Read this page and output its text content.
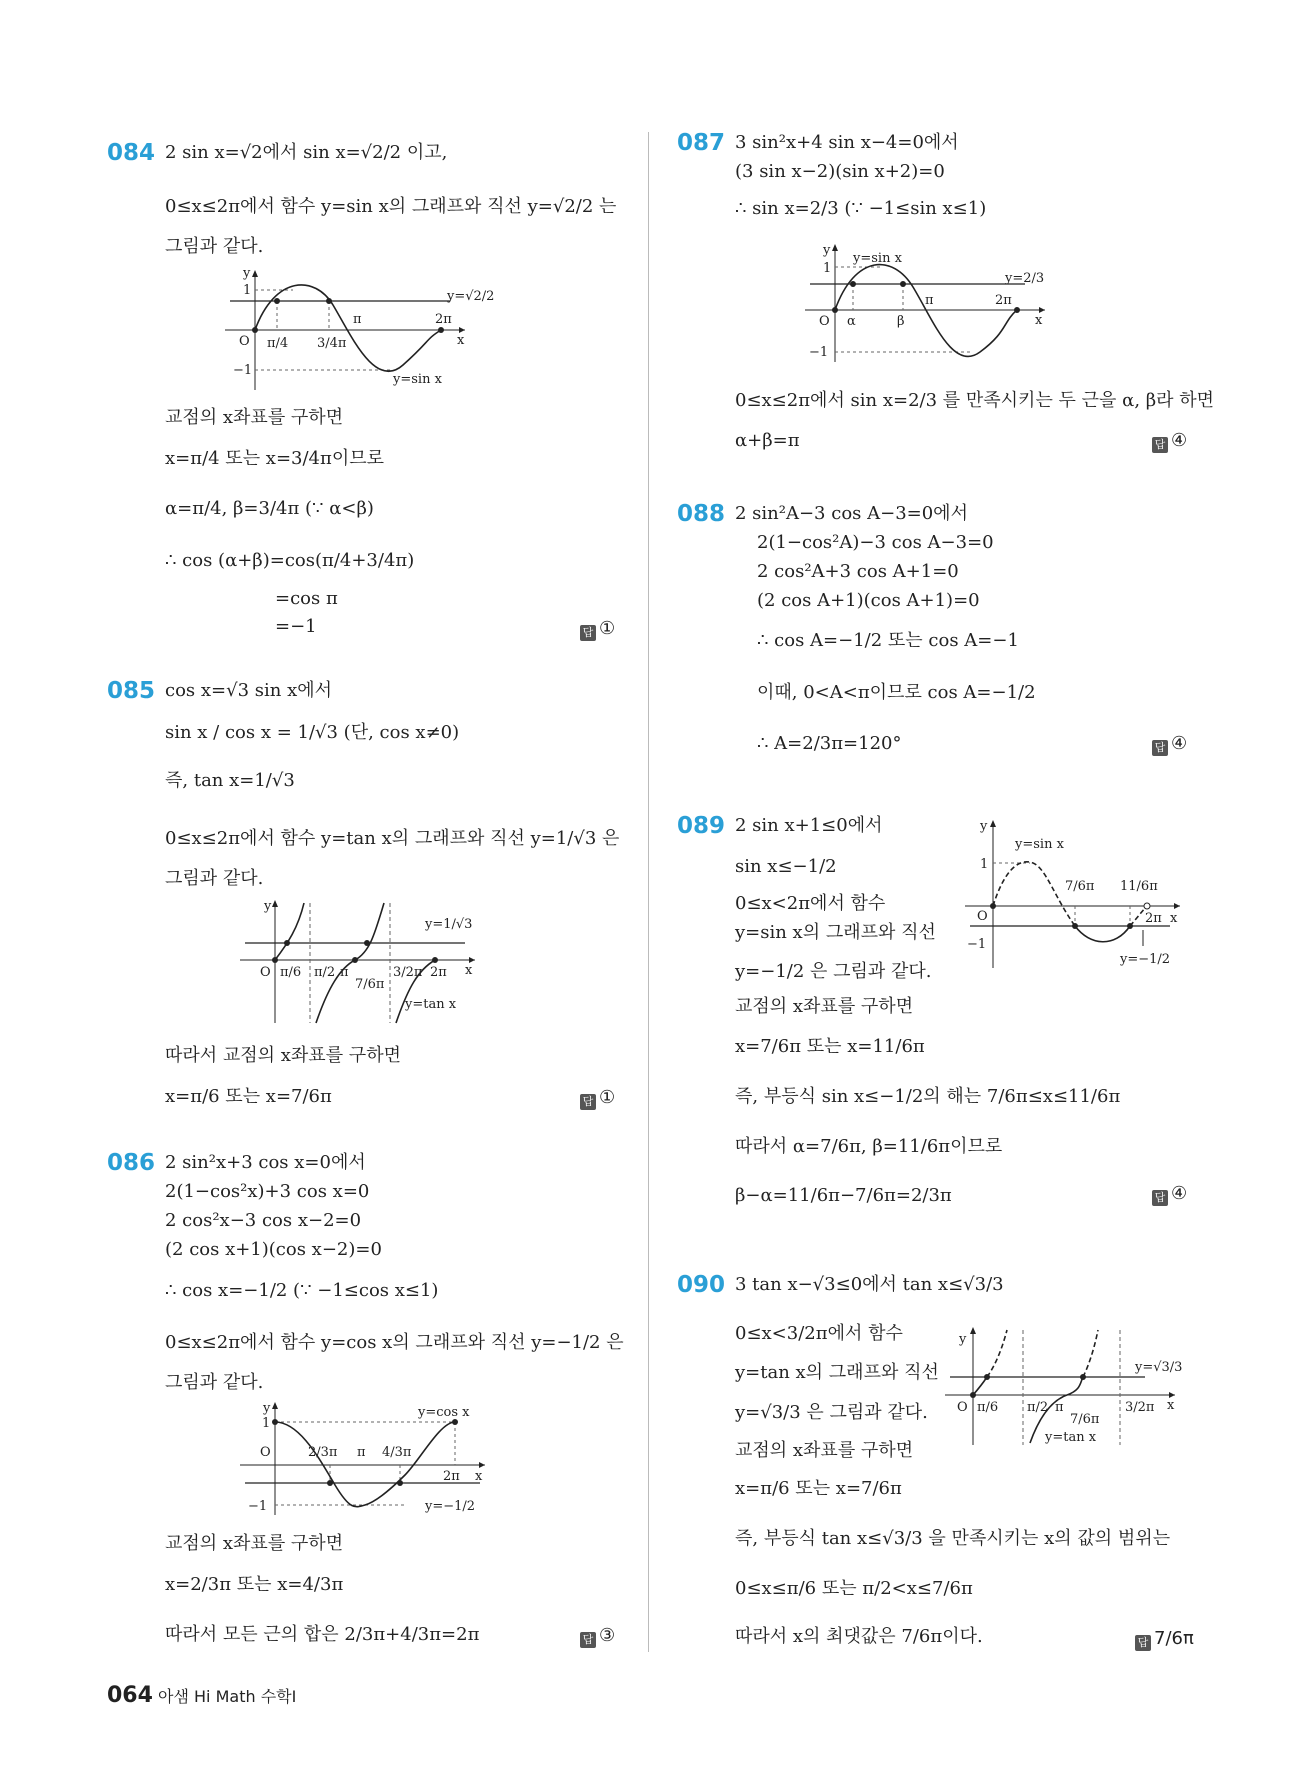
084 2 sin x=√2에서 sin x=√2/2 이고,
0≤x≤2π에서 함수 y=sin x의 그래프와 직선 y=√2/2 는
그림과 같다.
y
1
−1
O π/4 3/4π
π	2π
x
y=√2/2
y=sin x
교점의 x좌표를 구하면
x=π/4 또는 x=3/4π이므로
α=π/4, β=3/4π (∵ α<β)
∴ cos (α+β)=cos(π/4+3/4π)
=cos π
=−1	답 ①
085 cos x=√3 sin x에서
sin x / cos x = 1/√3 (단, cos x≠0)
즉, tan x=1/√3
0≤x≤2π에서 함수 y=tan x의 그래프와 직선 y=1/√3 은
그림과 같다.
y
O π/6 π/2 π
7/6π
3/2π 2π x
y=1/√3
y=tan x
따라서 교점의 x좌표를 구하면
x=π/6 또는 x=7/6π	답 ①
086 2 sin²x+3 cos x=0에서
2(1−cos²x)+3 cos x=0
2 cos²x−3 cos x−2=0
(2 cos x+1)(cos x−2)=0
∴ cos x=−1/2 (∵ −1≤cos x≤1)
0≤x≤2π에서 함수 y=cos x의 그래프와 직선 y=−1/2 은
그림과 같다.
y
1
−1
O	2/3π π 4/3π
2π x
y=−1/2
y=cos x
교점의 x좌표를 구하면
x=2/3π 또는 x=4/3π
따라서 모든 근의 합은 2/3π+4/3π=2π	답 ③
087 3 sin²x+4 sin x−4=0에서
(3 sin x−2)(sin x+2)=0
∴ sin x=2/3 (∵ −1≤sin x≤1)
y
1
−1
O α	β
π	2π
x
y=2/3
y=sin x
0≤x≤2π에서 sin x=2/3 를 만족시키는 두 근을 α, β라 하면
α+β=π	답 ④
088 2 sin²A−3 cos A−3=0에서
2(1−cos²A)−3 cos A−3=0
2 cos²A+3 cos A+1=0
(2 cos A+1)(cos A+1)=0
∴ cos A=−1/2 또는 cos A=−1
이때, 0<A<π이므로 cos A=−1/2
∴ A=2/3π=120°	답 ④
089 2 sin x+1≤0에서
sin x≤−1/2
0≤x<2π에서 함수
y=sin x의 그래프와 직선
y=−1/2 은 그림과 같다.
y
1
−1
O
7/6π 11/6π
2π x
y=−1/2
y=sin x
교점의 x좌표를 구하면
x=7/6π 또는 x=11/6π
즉, 부등식 sin x≤−1/2의 해는 7/6π≤x≤11/6π
따라서 α=7/6π, β=11/6π이므로
β−α=11/6π−7/6π=2/3π	답 ④
090 3 tan x−√3≤0에서 tan x≤√3/3
0≤x<3/2π에서 함수
y=tan x의 그래프와 직선
y=√3/3 은 그림과 같다.
교점의 x좌표를 구하면
y
O π/6 π/2 π
7/6π
3/2π x
y=√3/3
y=tan x
x=π/6 또는 x=7/6π
즉, 부등식 tan x≤√3/3 을 만족시키는 x의 값의 범위는
0≤x≤π/6 또는 π/2<x≤7/6π
따라서 x의 최댓값은 7/6π이다.	답 7/6π
064 아샘 Hi Math 수학Ⅰ
